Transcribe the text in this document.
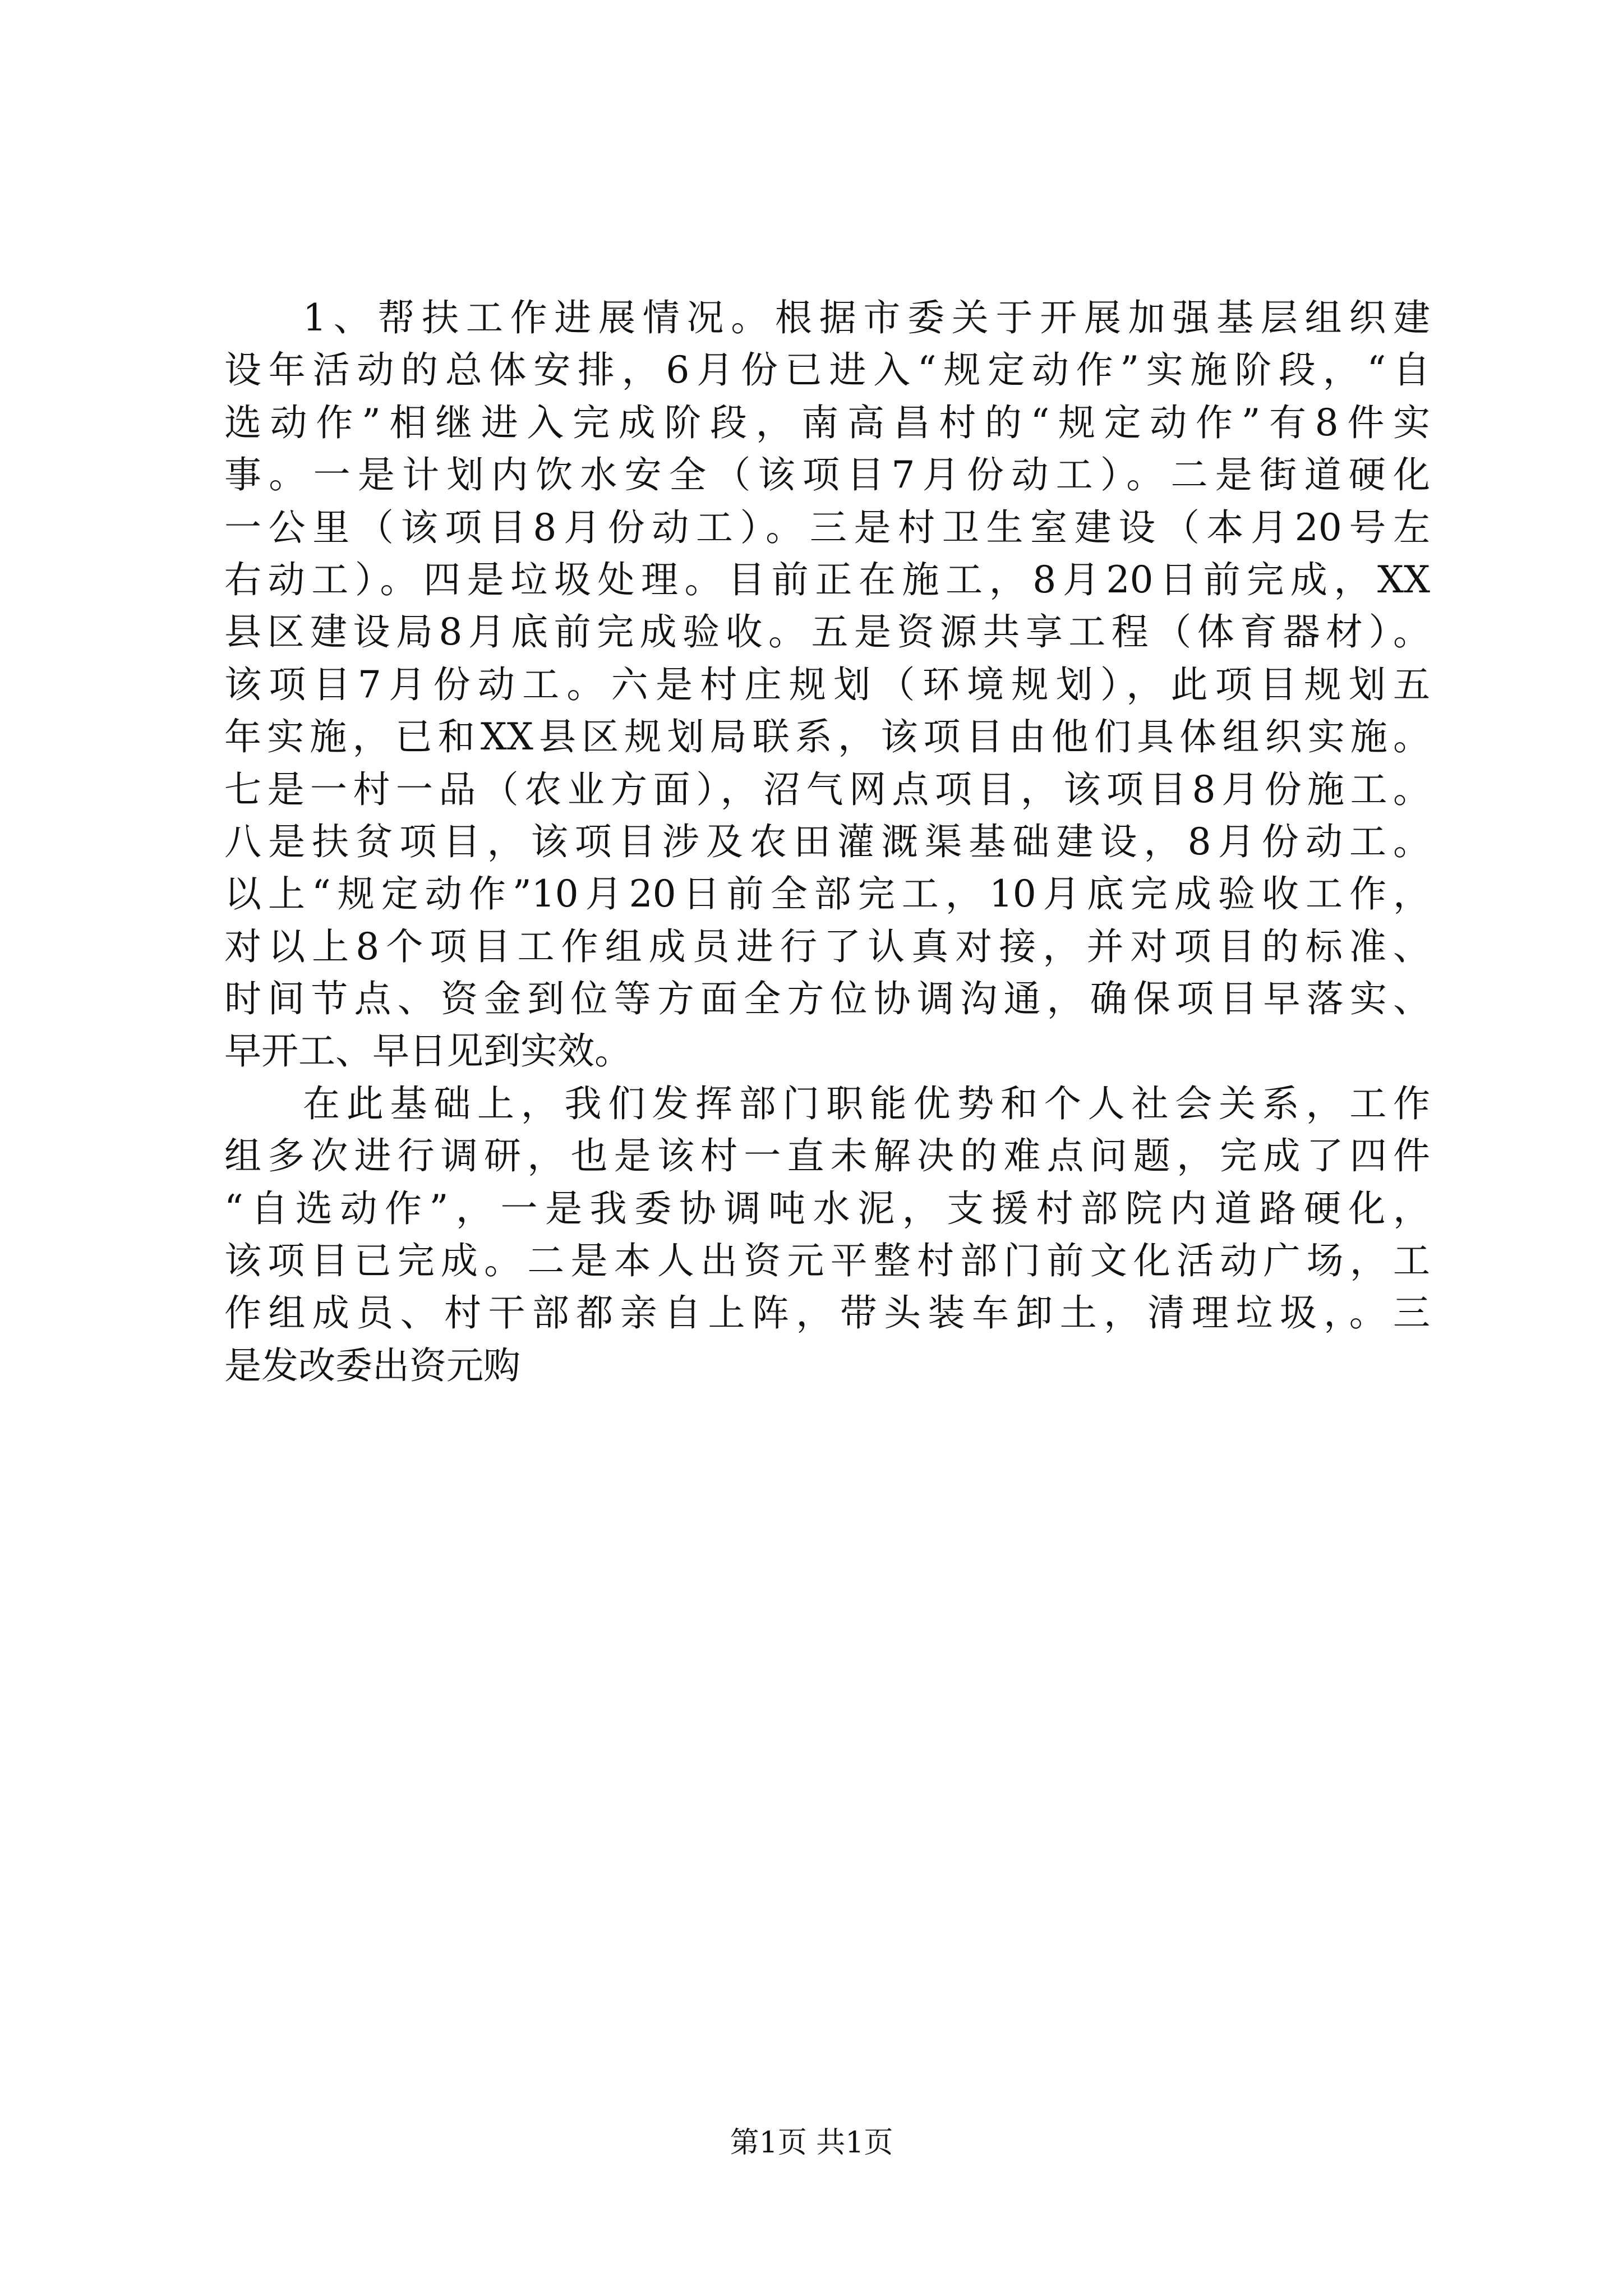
1、帮扶工作进展情况。根据市委关于开展加强基层组织建
设年活动的总体安排，6月份已进入“规定动作”实施阶段，“自
选动作”相继进入完成阶段，南高昌村的“规定动作”有8件实
事。一是计划内饮水安全（该项目7月份动工）。二是街道硬化
一公里（该项目8月份动工）。三是村卫生室建设（本月20号左
右动工）。四是垃圾处理。目前正在施工，8月20日前完成，XX
县区建设局8月底前完成验收。五是资源共享工程（体育器材）。
该项目7月份动工。六是村庄规划（环境规划），此项目规划五
年实施，已和XX县区规划局联系，该项目由他们具体组织实施。
七是一村一品（农业方面），沼气网点项目，该项目8月份施工。
八是扶贫项目，该项目涉及农田灌溉渠基础建设，8月份动工。
以上“规定动作”10月20日前全部完工，10月底完成验收工作，
对以上8个项目工作组成员进行了认真对接，并对项目的标准、
时间节点、资金到位等方面全方位协调沟通，确保项目早落实、
早开工、早日见到实效。
在此基础上，我们发挥部门职能优势和个人社会关系，工作
组多次进行调研，也是该村一直未解决的难点问题，完成了四件
“自选动作”，一是我委协调吨水泥，支援村部院内道路硬化，
该项目已完成。二是本人出资元平整村部门前文化活动广场，工
作组成员、村干部都亲自上阵，带头装车卸土，清理垃圾，。三
是发改委出资元购
第1页 共1页
